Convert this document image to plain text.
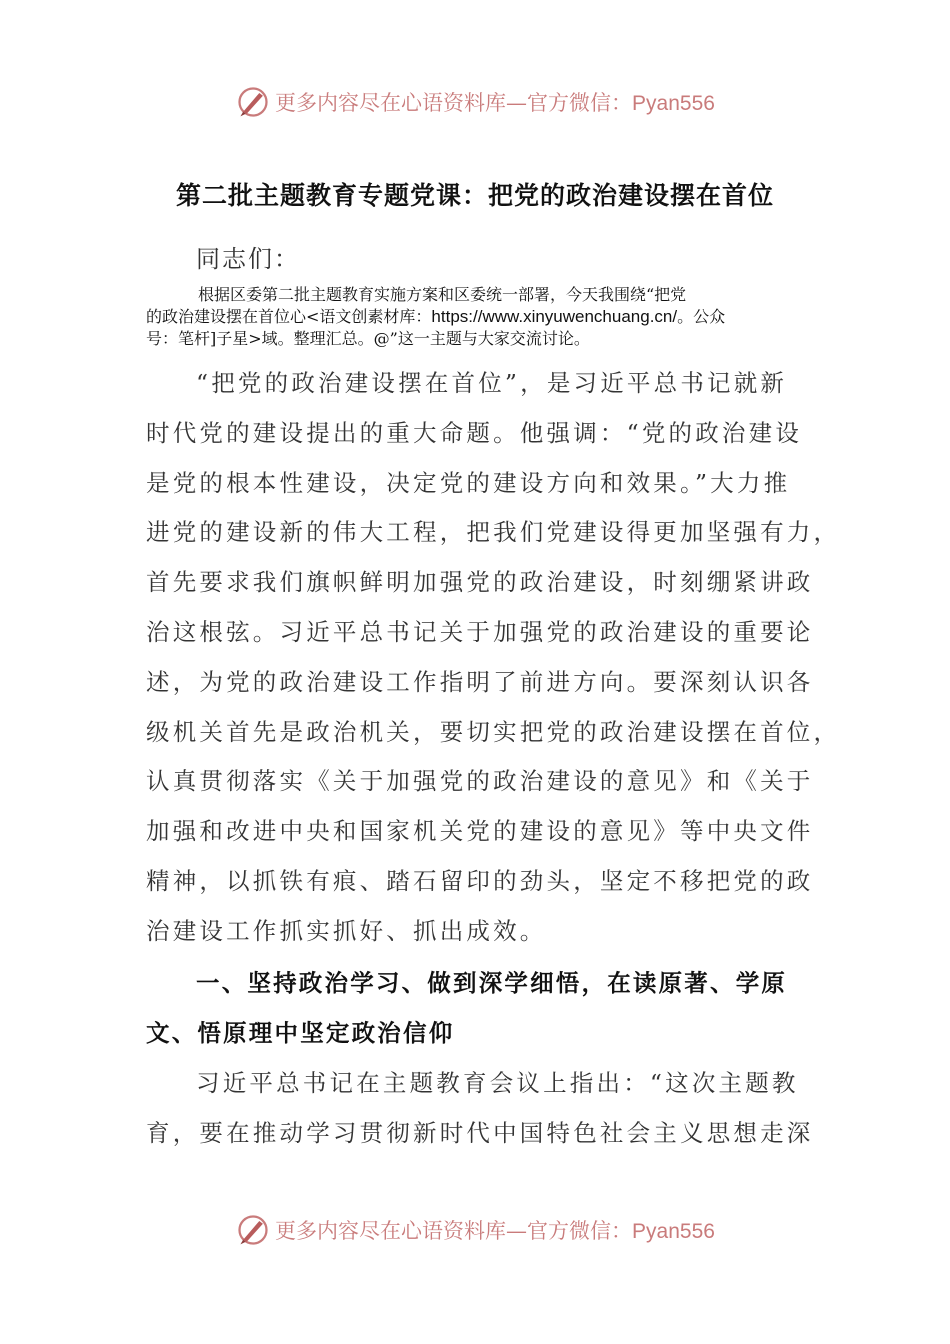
更多内容尽在心语资料库—官方微信：Pyan556
第二批主题教育专题党课：把党的政治建设摆在首位
同志们：
根据区委第二批主题教育实施方案和区委统一部署，今天我围绕“把党
的政治建设摆在首位心<语文创素材库：https://www.xinyuwenchuang.cn/。公众
号：笔杆]子星>域。整理汇总。@”这一主题与大家交流讨论。
“把党的政治建设摆在首位”，是习近平总书记就新
时代党的建设提出的重大命题。他强调：“党的政治建设
是党的根本性建设，决定党的建设方向和效果。”大力推
进党的建设新的伟大工程，把我们党建设得更加坚强有力，
首先要求我们旗帜鲜明加强党的政治建设，时刻绷紧讲政
治这根弦。习近平总书记关于加强党的政治建设的重要论
述，为党的政治建设工作指明了前进方向。要深刻认识各
级机关首先是政治机关，要切实把党的政治建设摆在首位，
认真贯彻落实《关于加强党的政治建设的意见》和《关于
加强和改进中央和国家机关党的建设的意见》等中央文件
精神，以抓铁有痕、踏石留印的劲头，坚定不移把党的政
治建设工作抓实抓好、抓出成效。
一、坚持政治学习、做到深学细悟，在读原著、学原
文、悟原理中坚定政治信仰
习近平总书记在主题教育会议上指出：“这次主题教
育，要在推动学习贯彻新时代中国特色社会主义思想走深
更多内容尽在心语资料库—官方微信：Pyan556
